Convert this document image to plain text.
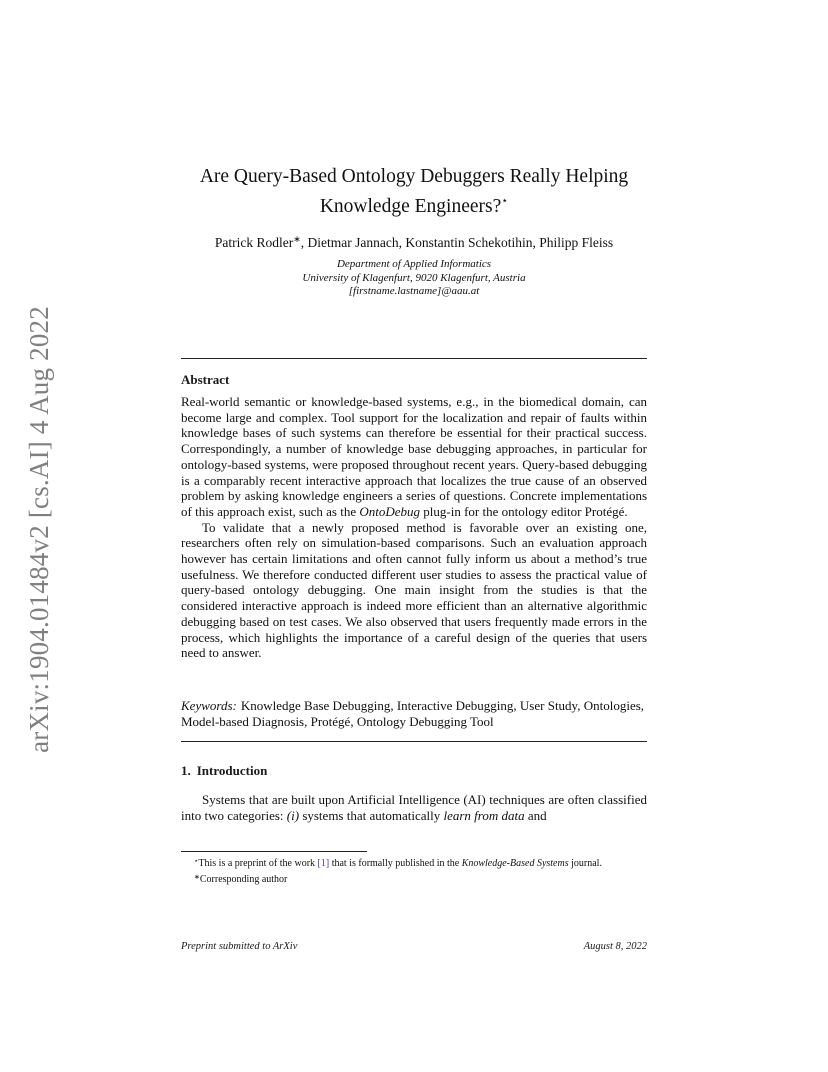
arXiv:1904.01484v2 [cs.AI] 4 Aug 2022
Are Query-Based Ontology Debuggers Really Helping
Knowledge Engineers?⋆
Patrick Rodler∗, Dietmar Jannach, Konstantin Schekotihin, Philipp Fleiss
Department of Applied Informatics
University of Klagenfurt, 9020 Klagenfurt, Austria
[firstname.lastname]@aau.at
Abstract

Real-world semantic or knowledge-based systems, e.g., in the biomedical domain, can become large and complex. Tool support for the localization and repair of faults within knowledge bases of such systems can therefore be essential for their practical success. Correspondingly, a number of knowledge base debugging approaches, in particular for ontology-based systems, were proposed throughout recent years. Query-based debugging is a comparably recent interactive approach that localizes the true cause of an observed problem by asking knowledge engineers a series of questions. Concrete implementations of this approach exist, such as the OntoDebug plug-in for the ontology editor Protégé.

To validate that a newly proposed method is favorable over an existing one, researchers often rely on simulation-based comparisons. Such an evaluation approach however has certain limitations and often cannot fully inform us about a method’s true usefulness. We therefore conducted different user studies to assess the practical value of query-based ontology debugging. One main insight from the studies is that the considered interactive approach is indeed more efficient than an alternative algorithmic debugging based on test cases. We also observed that users frequently made errors in the process, which highlights the importance of a careful design of the queries that users need to answer.

Keywords: Knowledge Base Debugging, Interactive Debugging, User Study, Ontologies, Model-based Diagnosis, Protégé, Ontology Debugging Tool
1. Introduction
Systems that are built upon Artificial Intelligence (AI) techniques are often classified into two categories: (i) systems that automatically learn from data and

⋆This is a preprint of the work [1] that is formally published in the Knowledge-Based Systems journal.

∗Corresponding author

Preprint submitted to ArXiv	August 8, 2022
